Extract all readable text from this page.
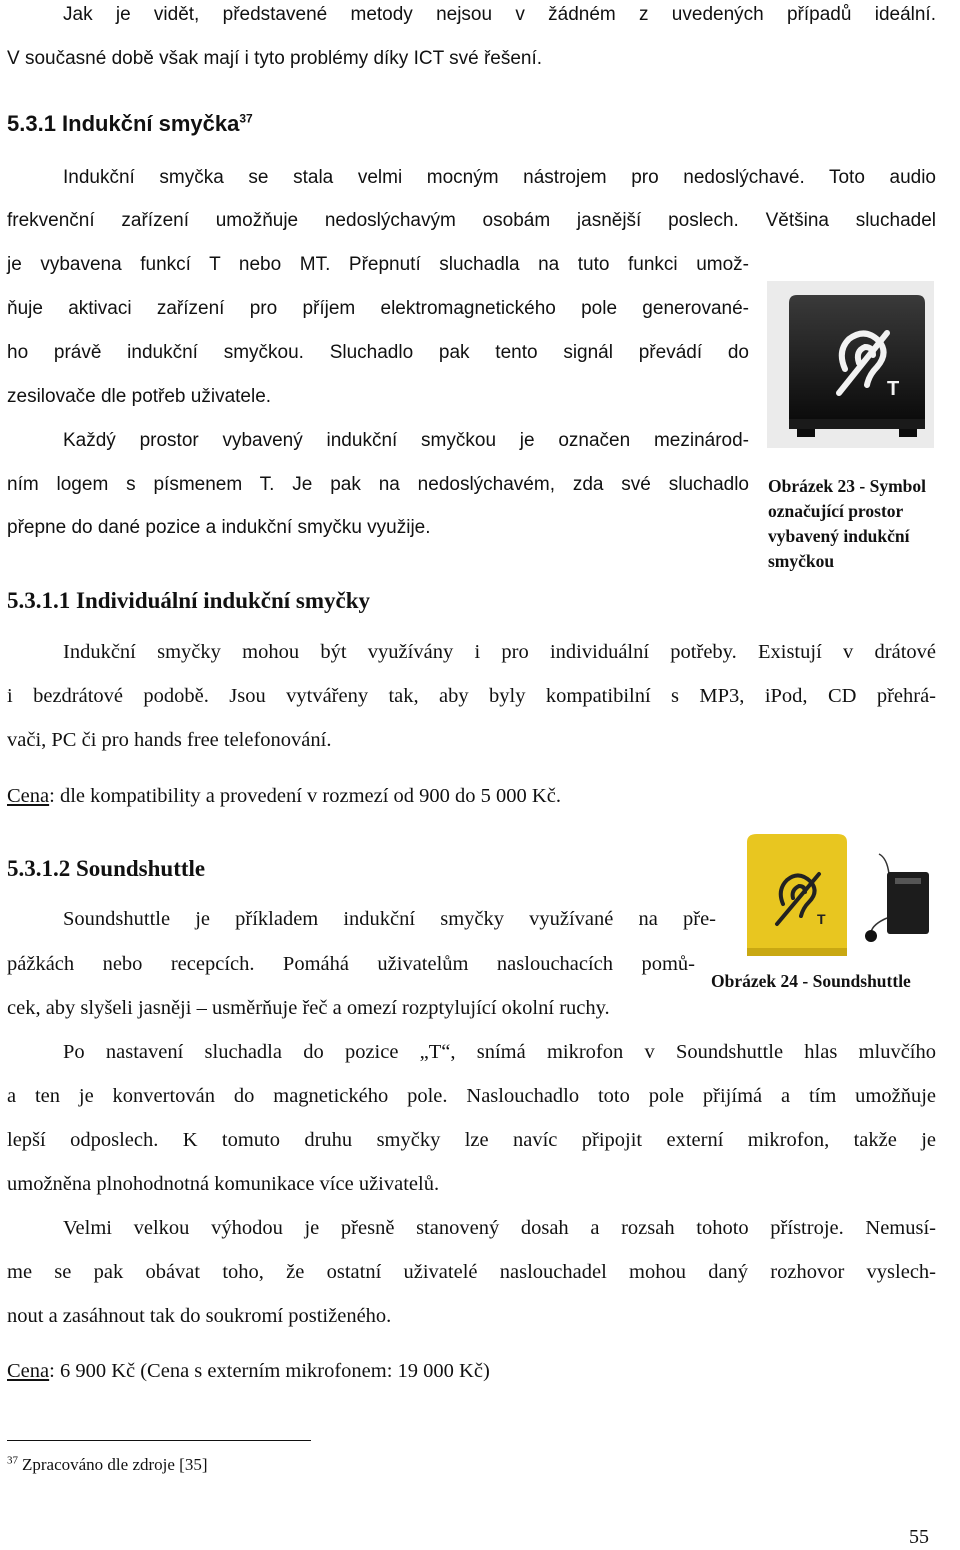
Jak je vidět, představené metody nejsou v žádném z uvedených případů ideální.

V současné době však mají i tyto problémy díky ICT své řešení.

5.3.1 Indukční smyčka$^{37}$

Indukční smyčka se stala velmi mocným nástrojem pro nedoslýchavé. Toto audio

frekvenční zařízení umožňuje nedoslýchavým osobám jasnější poslech. Většina sluchadel

je vybavena funkcí T nebo MT. Přepnutí sluchadla na tuto funkci umož-

ňuje aktivaci zařízení pro příjem elektromagnetického pole generované-

ho právě indukční smyčkou. Sluchadlo pak tento signál převádí do

zesilovače dle potřeb uživatele.

Každý prostor vybavený indukční smyčkou je označen mezinárod-

ním logem s písmenem T. Je pak na nedoslýchavém, zda své sluchadlo

přepne do dané pozice a indukční smyčku využije.

T
Obrázek 23 - Symbol
označující prostor
vybavený indukční
smyčkou
5.3.1.1 Individuální indukční smyčky

Indukční smyčky mohou být využívány i pro individuální potřeby. Existují v drátové

i bezdrátové podobě. Jsou vytvářeny tak, aby byly kompatibilní s MP3, iPod, CD přehrá-

vači, PC či pro hands free telefonování.

Cena: dle kompatibility a provedení v rozmezí od 900 do 5 000 Kč.

5.3.1.2 Soundshuttle
T

Soundshuttle je příkladem indukční smyčky využívané na pře-

pážkách nebo recepcích. Pomáhá uživatelům naslouchacích pomů-

Obrázek 24 - Soundshuttle

cek, aby slyšeli jasněji – usměrňuje řeč a omezí rozptylující okolní ruchy.

Po nastavení sluchadla do pozice „T“, snímá mikrofon v Soundshuttle hlas mluvčího

a ten je konvertován do magnetického pole. Naslouchadlo toto pole přijímá a tím umožňuje

lepší odposlech. K tomuto druhu smyčky lze navíc připojit externí mikrofon, takže je

umožněna plnohodnotná komunikace více uživatelů.

Velmi velkou výhodou je přesně stanovený dosah a rozsah tohoto přístroje. Nemusí-

me se pak obávat toho, že ostatní uživatelé naslouchadel mohou daný rozhovor vyslech-

nout a zasáhnout tak do soukromí postiženého.

Cena: 6 900 Kč (Cena s externím mikrofonem: 19 000 Kč)

$^{37}$ Zpracováno dle zdroje [35]

55
